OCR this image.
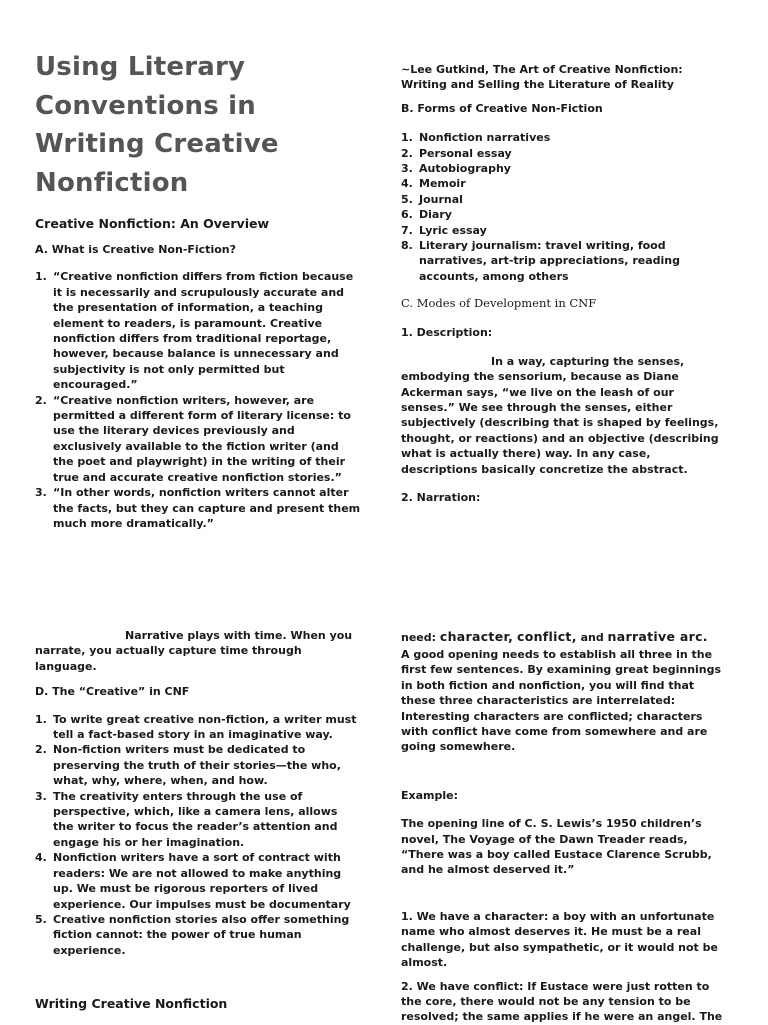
Using Literary
Conventions in
Writing Creative
Nonfiction

Creative Nonfiction: An Overview

A. What is Creative Non-Fiction?

1. “Creative nonfiction differs from fiction because
it is necessarily and scrupulously accurate and
the presentation of information, a teaching
element to readers, is paramount. Creative
nonfiction differs from traditional reportage,
however, because balance is unnecessary and
subjectivity is not only permitted but
encouraged.”
2. “Creative nonfiction writers, however, are
permitted a different form of literary license: to
use the literary devices previously and
exclusively available to the fiction writer (and
the poet and playwright) in the writing of their
true and accurate creative nonfiction stories.”
3. “In other words, nonfiction writers cannot alter
the facts, but they can capture and present them
much more dramatically.”
~Lee Gutkind, The Art of Creative Nonfiction:
Writing and Selling the Literature of Reality

B. Forms of Creative Non-Fiction

1. Nonfiction narratives
2. Personal essay
3. Autobiography
4. Memoir
5. Journal
6. Diary
7. Lyric essay
8. Literary journalism: travel writing, food
narratives, art-trip appreciations, reading
accounts, among others

C. Modes of Development in CNF

1. Description:

In a way, capturing the senses,
embodying the sensorium, because as Diane
Ackerman says, “we live on the leash of our
senses.” We see through the senses, either
subjectively (describing that is shaped by feelings,
thought, or reactions) and an objective (describing
what is actually there) way. In any case,
descriptions basically concretize the abstract.

2. Narration:

Narrative plays with time. When you
narrate, you actually capture time through
language.

D. The “Creative” in CNF

1. To write great creative non-fiction, a writer must
tell a fact-based story in an imaginative way.
2. Non-fiction writers must be dedicated to
preserving the truth of their stories—the who,
what, why, where, when, and how.
3. The creativity enters through the use of
perspective, which, like a camera lens, allows
the writer to focus the reader’s attention and
engage his or her imagination.
4. Nonfiction writers have a sort of contract with
readers: We are not allowed to make anything
up. We must be rigorous reporters of lived
experience. Our impulses must be documentary
5. Creative nonfiction stories also offer something
fiction cannot: the power of true human
experience.

Writing Creative Nonfiction

need: character, conflict, and narrative arc.
A good opening needs to establish all three in the
first few sentences. By examining great beginnings
in both fiction and nonfiction, you will find that
these three characteristics are interrelated:
Interesting characters are conflicted; characters
with conflict have come from somewhere and are
going somewhere.

Example:

The opening line of C. S. Lewis’s 1950 children’s
novel, The Voyage of the Dawn Treader reads,
“There was a boy called Eustace Clarence Scrubb,
and he almost deserved it.”
1. We have a character: a boy with an unfortunate
name who almost deserves it. He must be a real
challenge, but also sympathetic, or it would not be
almost.
2. We have conflict: If Eustace were just rotten to
the core, there would not be any tension to be
resolved; the same applies if he were an angel. The
